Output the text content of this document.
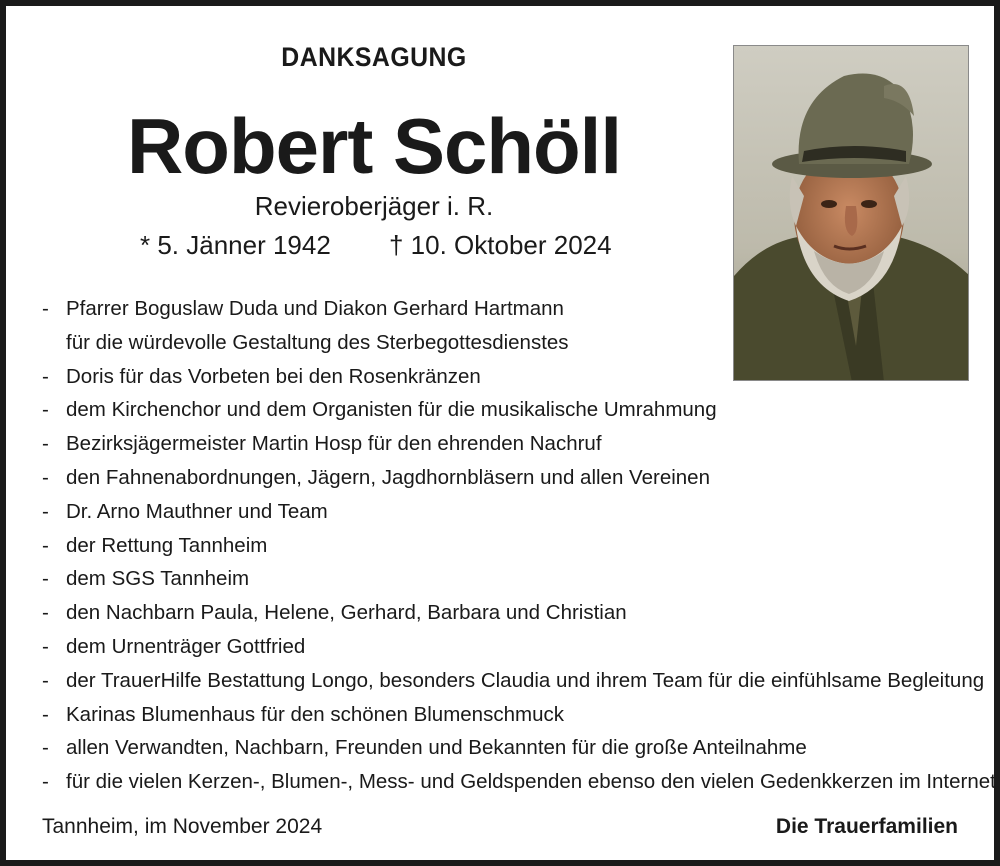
DANKSAGUNG
Robert Schöll
Revieroberjäger i. R.
* 5. Jänner 1942 † 10. Oktober 2024
- Pfarrer Boguslaw Duda und Diakon Gerhard Hartmann
für die würdevolle Gestaltung des Sterbegottesdienstes
- Doris für das Vorbeten bei den Rosenkränzen
- dem Kirchenchor und dem Organisten für die musikalische Umrahmung
- Bezirksjägermeister Martin Hosp für den ehrenden Nachruf
- den Fahnenabordnungen, Jägern, Jagdhornbläsern und allen Vereinen
- Dr. Arno Mauthner und Team
- der Rettung Tannheim
- dem SGS Tannheim
- den Nachbarn Paula, Helene, Gerhard, Barbara und Christian
- dem Urnenträger Gottfried
- der TrauerHilfe Bestattung Longo, besonders Claudia und ihrem Team für die einfühlsame Begleitung
- Karinas Blumenhaus für den schönen Blumenschmuck
- allen Verwandten, Nachbarn, Freunden und Bekannten für die große Anteilnahme
- für die vielen Kerzen-, Blumen-, Mess- und Geldspenden ebenso den vielen Gedenkkerzen im Internet
Tannheim, im November 2024	Die Trauerfamilien
